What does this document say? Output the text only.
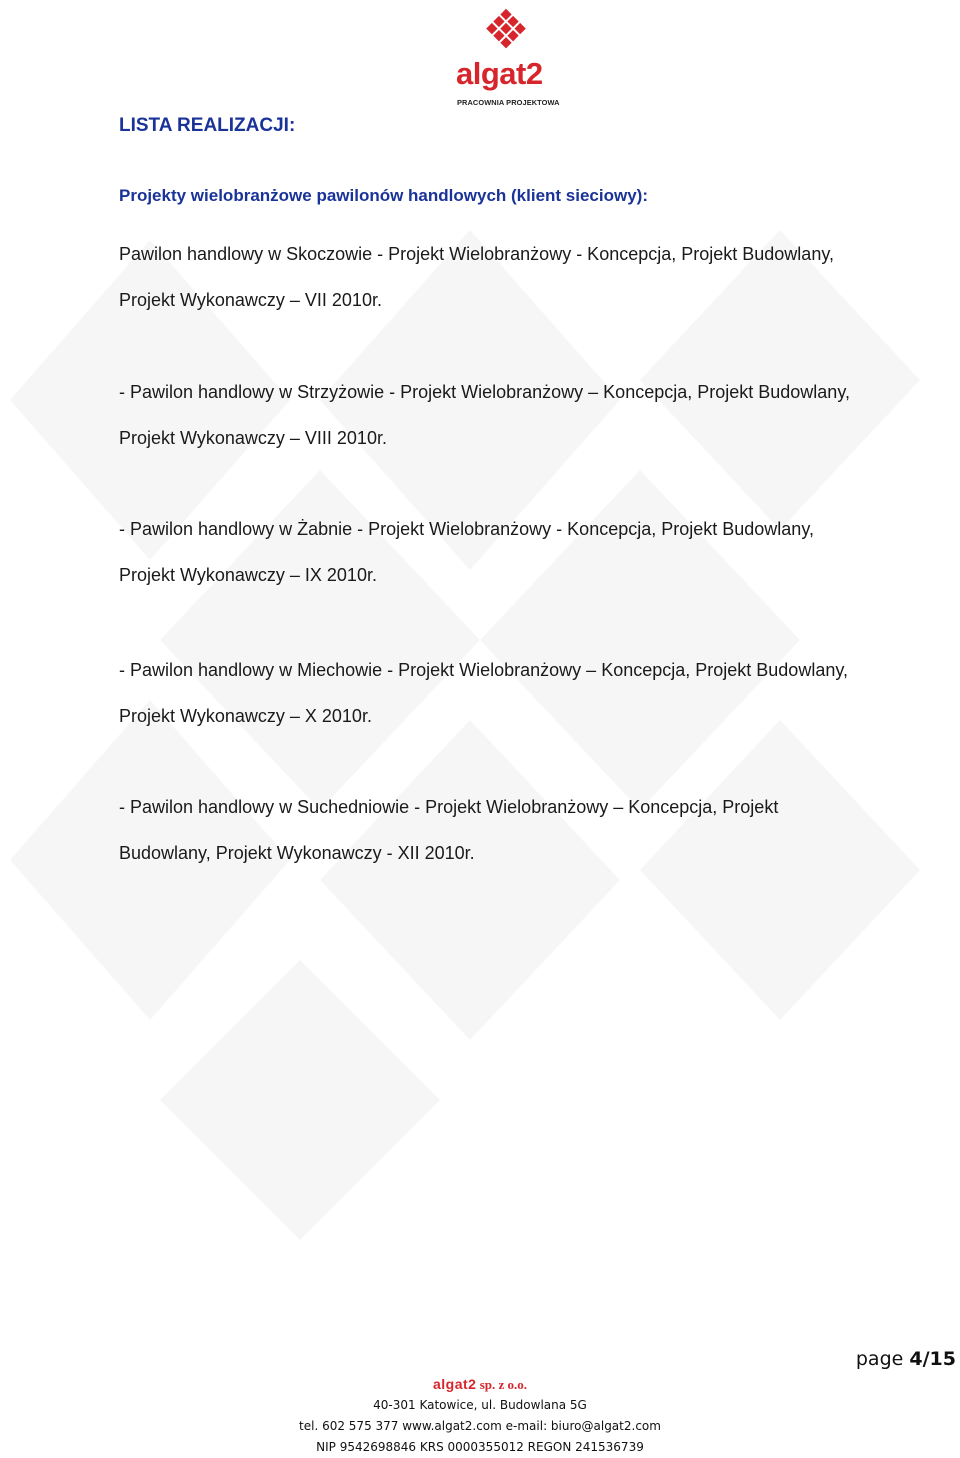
algat2
PRACOWNIA PROJEKTOWA
LISTA REALIZACJI:
Projekty wielobranżowe pawilonów handlowych (klient sieciowy):

Pawilon handlowy w Skoczowie - Projekt Wielobranżowy - Koncepcja, Projekt Budowlany,
Projekt Wykonawczy – VII 2010r.

- Pawilon handlowy w Strzyżowie - Projekt Wielobranżowy – Koncepcja, Projekt Budowlany,
Projekt Wykonawczy – VIII 2010r.

- Pawilon handlowy w Żabnie - Projekt Wielobranżowy - Koncepcja, Projekt Budowlany,
Projekt Wykonawczy – IX 2010r.

- Pawilon handlowy w Miechowie - Projekt Wielobranżowy – Koncepcja, Projekt Budowlany,
Projekt Wykonawczy – X 2010r.

- Pawilon handlowy w Suchedniowie - Projekt Wielobranżowy – Koncepcja, Projekt
Budowlany, Projekt Wykonawczy - XII 2010r.

page 4/15
algat2 sp. z o.o.
40-301 Katowice, ul. Budowlana 5G
tel. 602 575 377 www.algat2.com e-mail: biuro@algat2.com
NIP 9542698846 KRS 0000355012 REGON 241536739
